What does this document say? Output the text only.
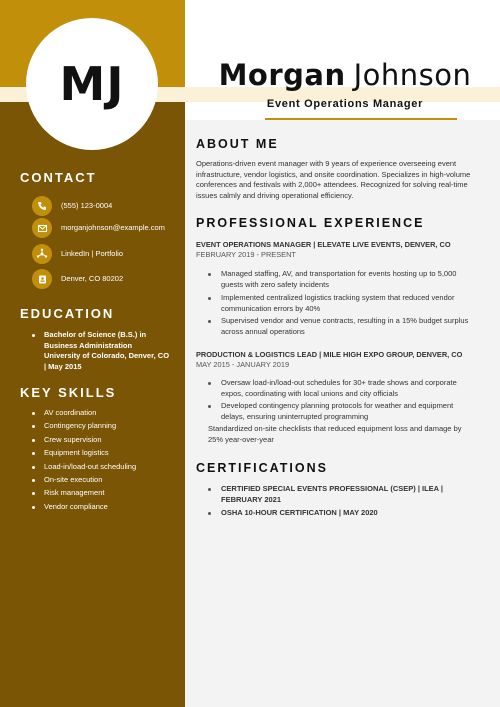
MJ	Morgan Johnson
Event Operations Manager
CONTACT
(555) 123-0004
morganjohnson@example.com
LinkedIn | Portfolio
Denver, CO 80202
EDUCATION
Bachelor of Science (B.S.) in Business Administration
University of Colorado, Denver, CO | May 2015
KEY SKILLS
AV coordination
Contingency planning
Crew supervision
Equipment logistics
Load-in/load-out scheduling
On-site execution
Risk management
Vendor compliance
ABOUT ME
Operations-driven event manager with 9 years of experience overseeing event infrastructure, vendor logistics, and onsite coordination. Specializes in high-volume conferences and festivals with 2,000+ attendees. Recognized for solving real-time issues calmly and driving operational efficiency.
PROFESSIONAL EXPERIENCE
EVENT OPERATIONS MANAGER | ELEVATE LIVE EVENTS, DENVER, CO
FEBRUARY 2019 - PRESENT
Managed staffing, AV, and transportation for events hosting up to 5,000 guests with zero safety incidents
Implemented centralized logistics tracking system that reduced vendor communication errors by 40%
Supervised vendor and venue contracts, resulting in a 15% budget surplus across annual operations
PRODUCTION & LOGISTICS LEAD | MILE HIGH EXPO GROUP, DENVER, CO
MAY 2015 - JANUARY 2019
Oversaw load-in/load-out schedules for 30+ trade shows and corporate expos, coordinating with local unions and city officials
Developed contingency planning protocols for weather and equipment delays, ensuring uninterrupted programming
Standardized on-site checklists that reduced equipment loss and damage by 25% year-over-year
CERTIFICATIONS
CERTIFIED SPECIAL EVENTS PROFESSIONAL (CSEP) | ILEA | FEBRUARY 2021
OSHA 10-HOUR CERTIFICATION | MAY 2020
